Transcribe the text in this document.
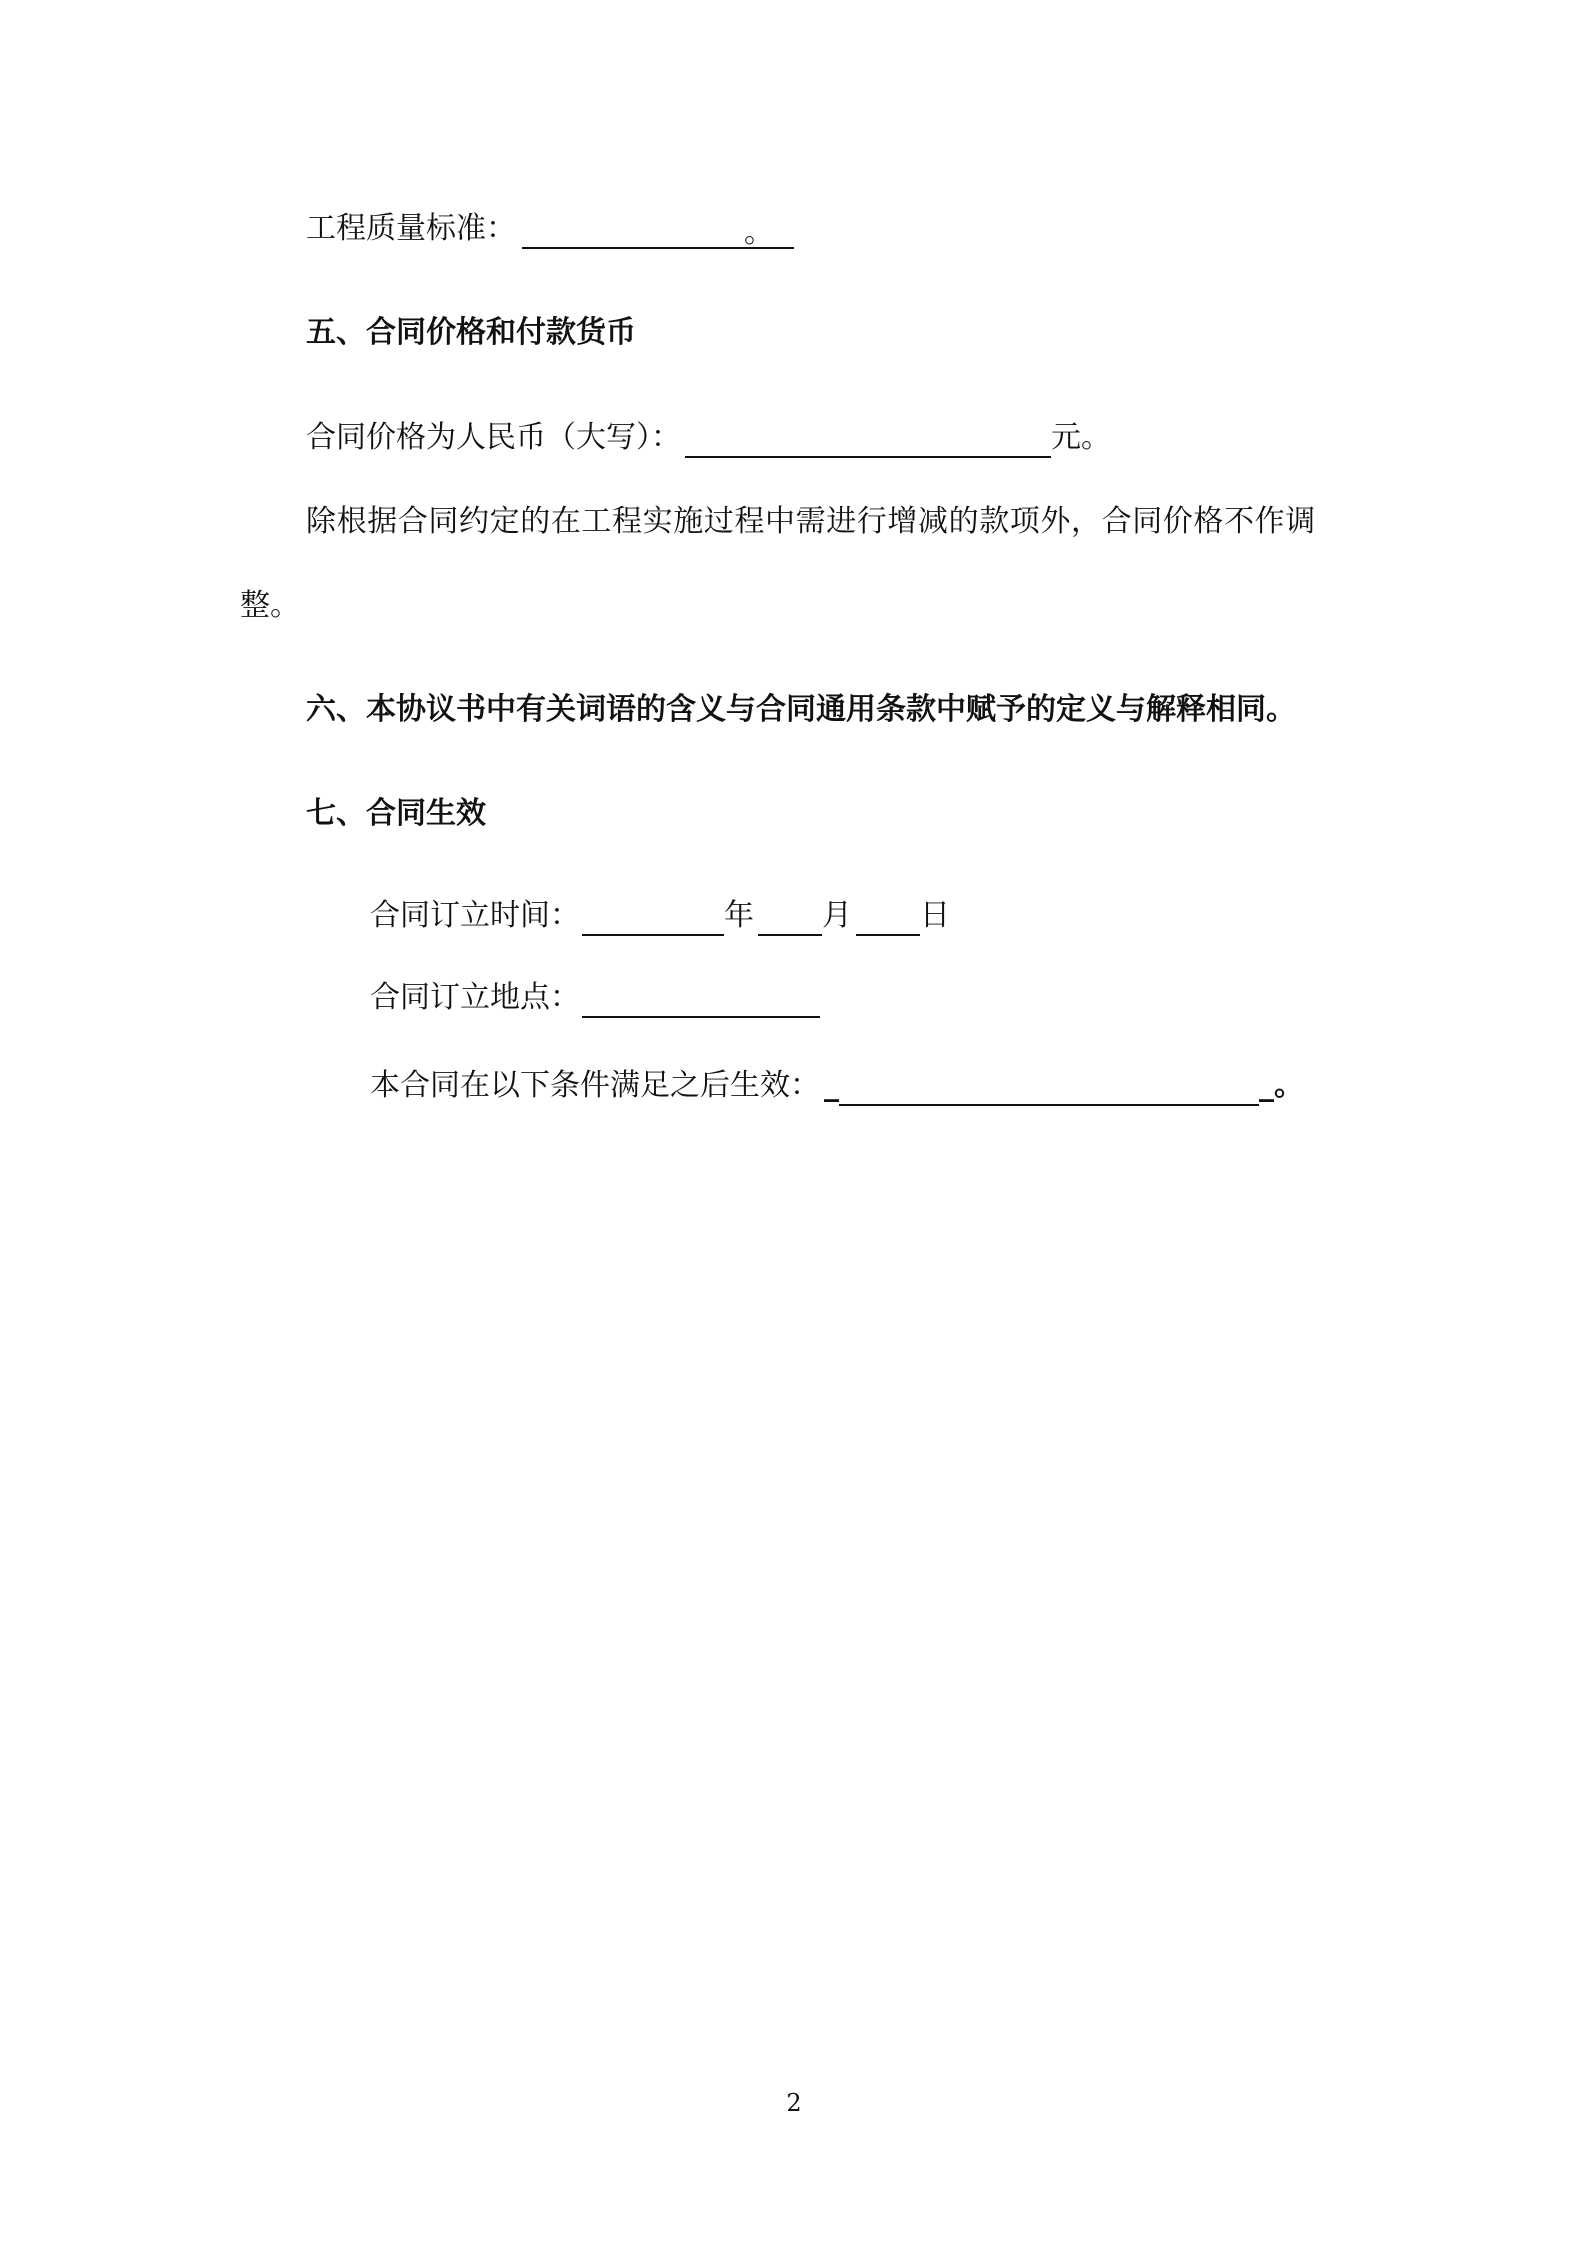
工程质量标准：	。
五、合同价格和付款货币
合同价格为人民币（大写）：	元。
除根据合同约定的在工程实施过程中需进行增减的款项外，合同价格不作调
整。
六、本协议书中有关词语的含义与合同通用条款中赋予的定义与解释相同。
七、合同生效
合同订立时间：	年 月 日
合同订立地点：
本合同在以下条件满足之后生效： _	_。
2
